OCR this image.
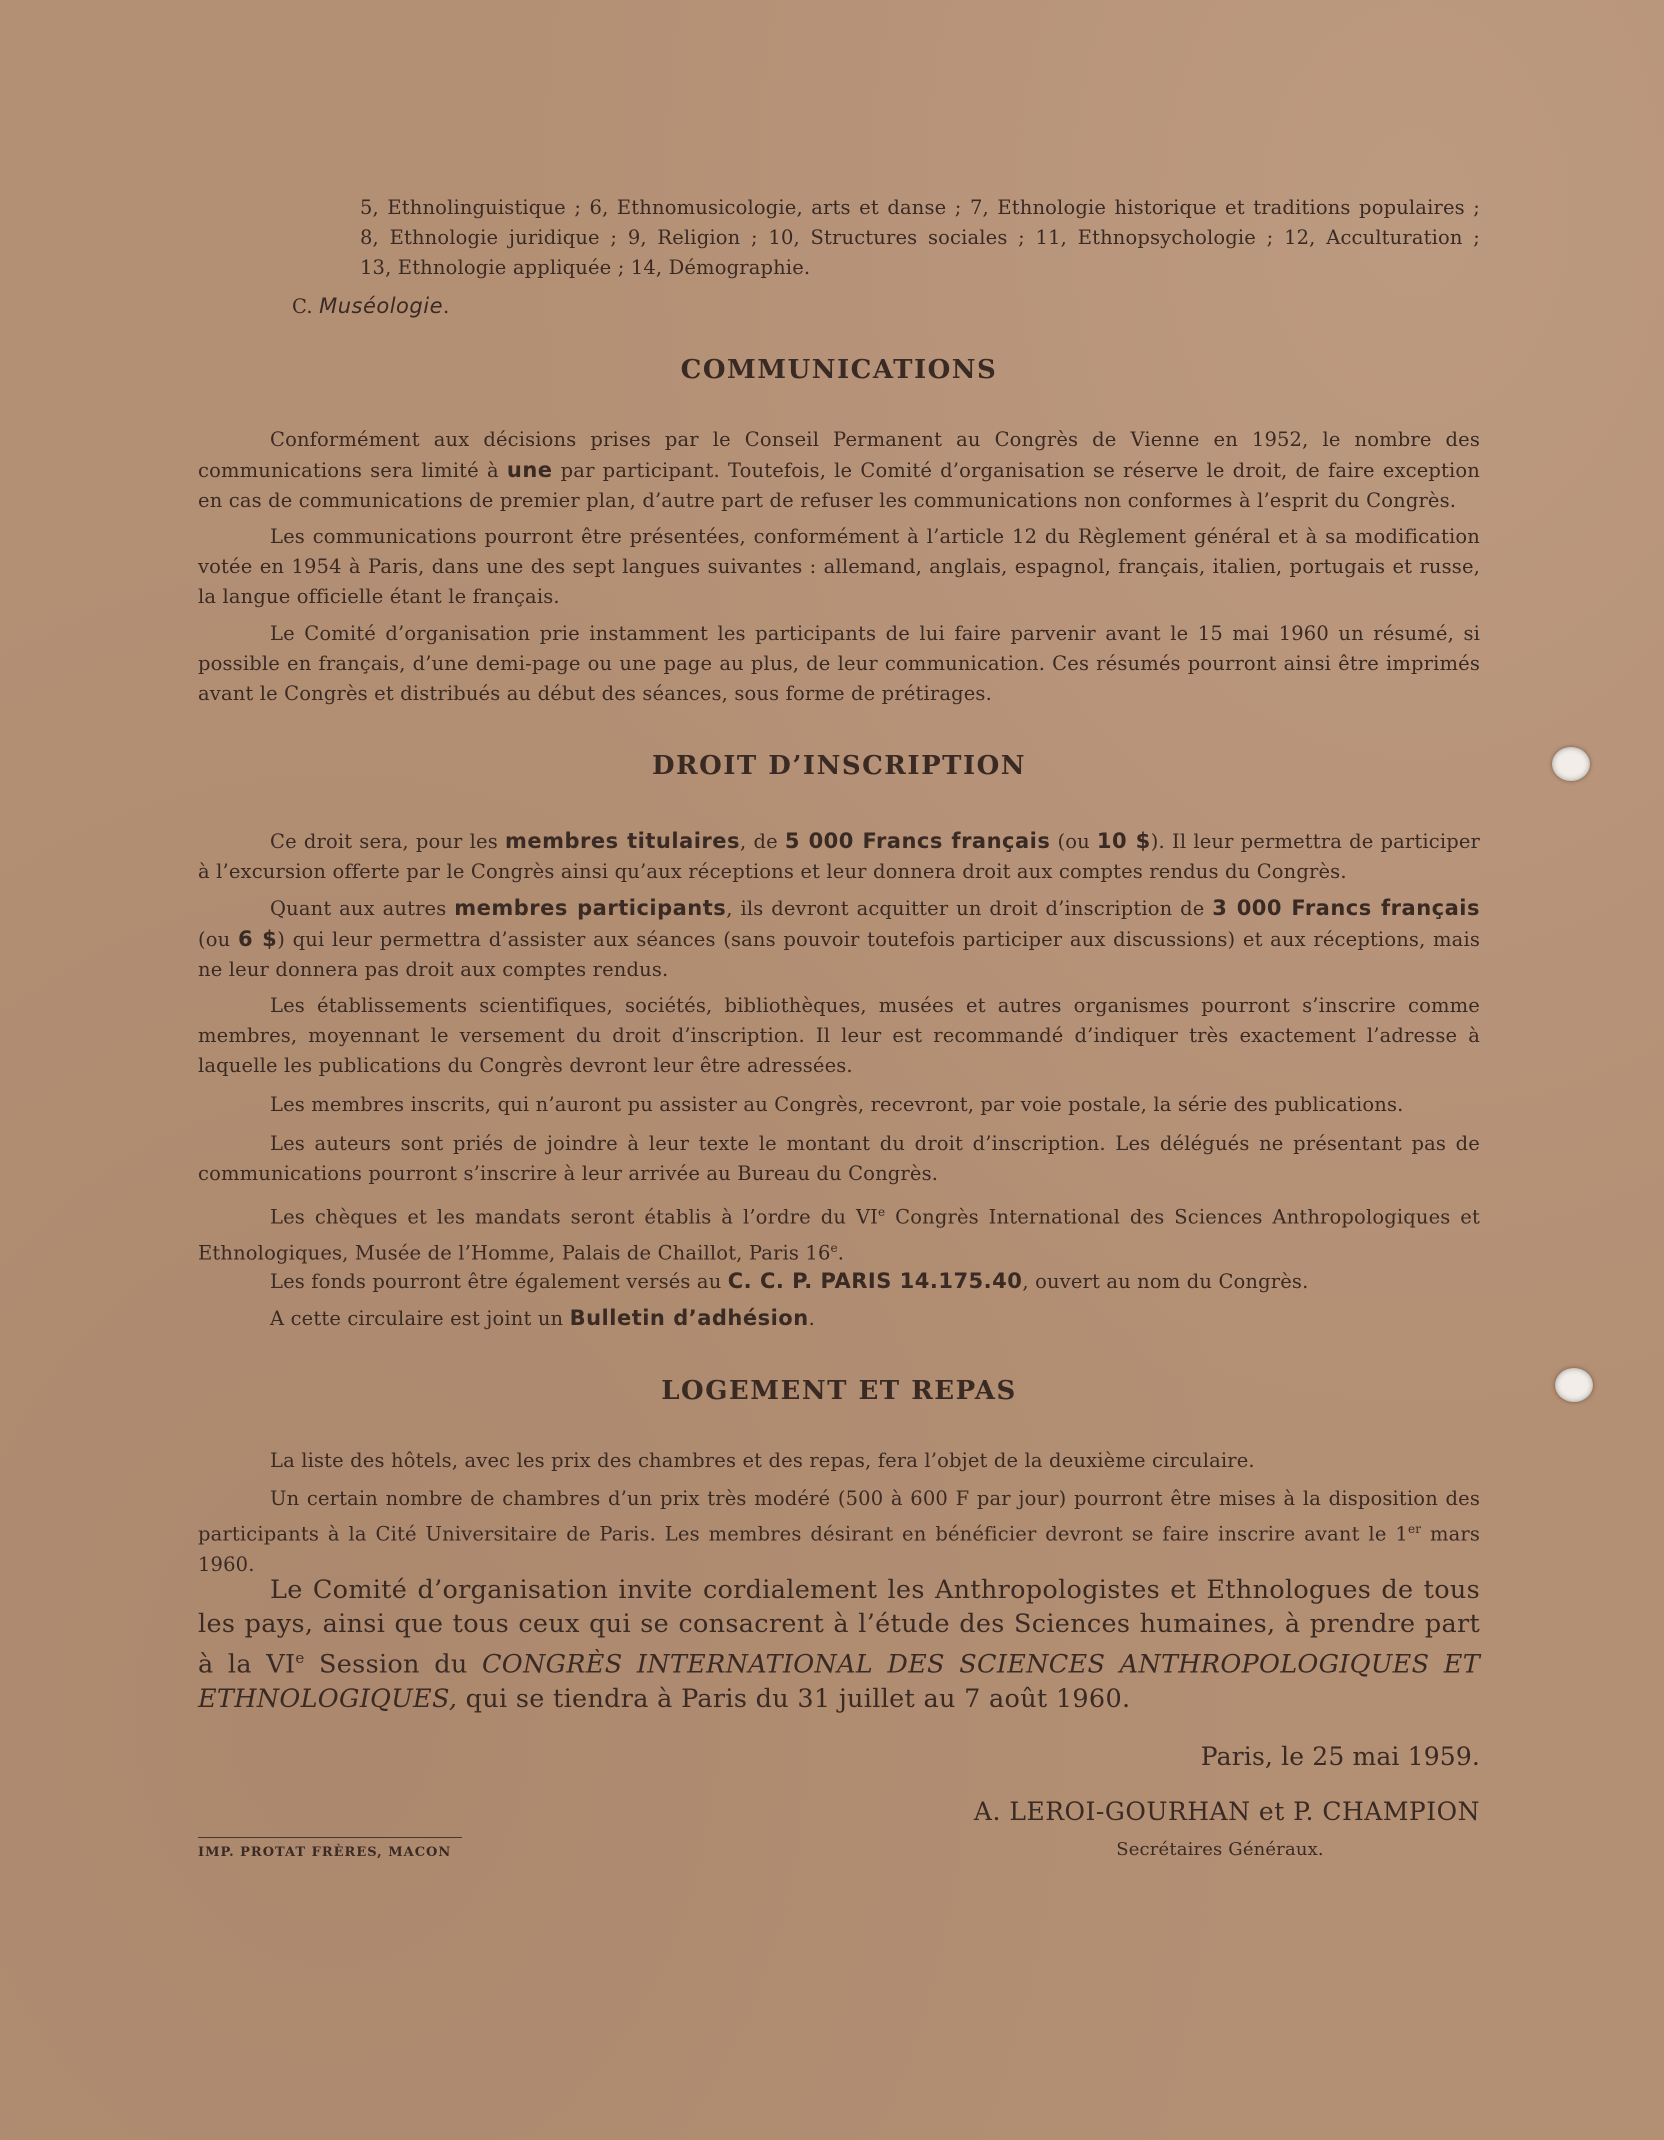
5, Ethnolinguistique ; 6, Ethnomusicologie, arts et danse ; 7, Ethnologie historique et traditions populaires ;

8, Ethnologie juridique ; 9, Religion ; 10, Structures sociales ; 11, Ethnopsychologie ; 12, Acculturation ;

13, Ethnologie appliquée ; 14, Démographie.

C. Muséologie.

COMMUNICATIONS

Conformément aux décisions prises par le Conseil Permanent au Congrès de Vienne en 1952, le nombre des communications sera limité à une par participant. Toutefois, le Comité d’organisation se réserve le droit, de faire exception en cas de communications de premier plan, d’autre part de refuser les communications non conformes à l’esprit du Congrès.

Les communications pourront être présentées, conformément à l’article 12 du Règlement général et à sa modification votée en 1954 à Paris, dans une des sept langues suivantes : allemand, anglais, espagnol, français, italien, portugais et russe, la langue officielle étant le français.

Le Comité d’organisation prie instamment les participants de lui faire parvenir avant le 15 mai 1960 un résumé, si possible en français, d’une demi-page ou une page au plus, de leur communication. Ces résumés pourront ainsi être imprimés avant le Congrès et distribués au début des séances, sous forme de prétirages.

DROIT D’INSCRIPTION

Ce droit sera, pour les membres titulaires, de 5 000 Francs français (ou 10 $). Il leur permettra de participer à l’excursion offerte par le Congrès ainsi qu’aux réceptions et leur donnera droit aux comptes rendus du Congrès.

Quant aux autres membres participants, ils devront acquitter un droit d’inscription de 3 000 Francs français (ou 6 $) qui leur permettra d’assister aux séances (sans pouvoir toutefois participer aux discussions) et aux réceptions, mais ne leur donnera pas droit aux comptes rendus.

Les établissements scientifiques, sociétés, bibliothèques, musées et autres organismes pourront s’inscrire comme membres, moyennant le versement du droit d’inscription. Il leur est recommandé d’indiquer très exactement l’adresse à laquelle les publications du Congrès devront leur être adressées.

Les membres inscrits, qui n’auront pu assister au Congrès, recevront, par voie postale, la série des publications.

Les auteurs sont priés de joindre à leur texte le montant du droit d’inscription. Les délégués ne présentant pas de communications pourront s’inscrire à leur arrivée au Bureau du Congrès.

Les chèques et les mandats seront établis à l’ordre du VIe Congrès International des Sciences Anthropologiques et Ethnologiques, Musée de l’Homme, Palais de Chaillot, Paris 16e.

Les fonds pourront être également versés au C. C. P. PARIS 14.175.40, ouvert au nom du Congrès.

A cette circulaire est joint un Bulletin d’adhésion.

LOGEMENT ET REPAS

La liste des hôtels, avec les prix des chambres et des repas, fera l’objet de la deuxième circulaire.

Un certain nombre de chambres d’un prix très modéré (500 à 600 F par jour) pourront être mises à la disposition des participants à la Cité Universitaire de Paris. Les membres désirant en bénéficier devront se faire inscrire avant le 1er mars 1960.

Le Comité d’organisation invite cordialement les Anthropologistes et Ethnologues de tous les pays, ainsi que tous ceux qui se consacrent à l’étude des Sciences humaines, à prendre part à la VIe Session du CONGRÈS INTERNATIONAL DES SCIENCES ANTHROPOLOGIQUES ET ETHNOLOGIQUES, qui se tiendra à Paris du 31 juillet au 7 août 1960.

Paris, le 25 mai 1959.

A. LEROI-GOURHAN et P. CHAMPION

Secrétaires Généraux.

IMP. PROTAT FRÈRES, MACON
